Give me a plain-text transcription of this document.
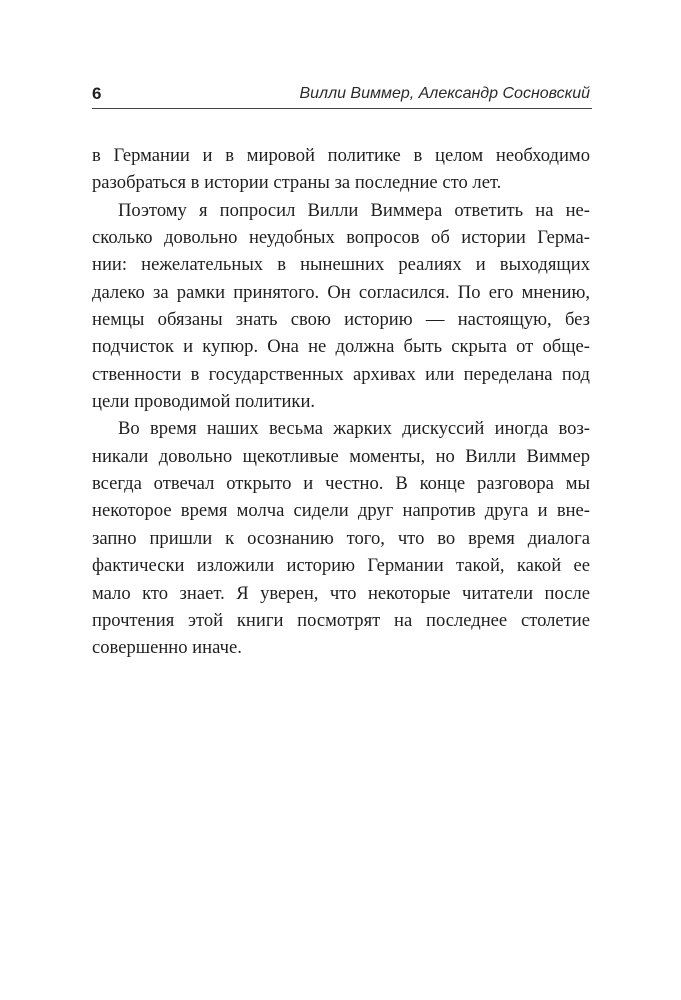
6	Вилли Виммер, Александр Сосновский
в Германии и в мировой политике в целом необходимо
разобраться в истории страны за последние сто лет.
Поэтому я попросил Вилли Виммера ответить на не-
сколько довольно неудобных вопросов об истории Герма-
нии: нежелательных в нынешних реалиях и выходящих
далеко за рамки принятого. Он согласился. По его мнению,
немцы обязаны знать свою историю — настоящую, без
подчисток и купюр. Она не должна быть скрыта от обще-
ственности в государственных архивах или переделана под
цели проводимой политики.
Во время наших весьма жарких дискуссий иногда воз-
никали довольно щекотливые моменты, но Вилли Виммер
всегда отвечал открыто и честно. В конце разговора мы
некоторое время молча сидели друг напротив друга и вне-
запно пришли к осознанию того, что во время диалога
фактически изложили историю Германии такой, какой ее
мало кто знает. Я уверен, что некоторые читатели после
прочтения этой книги посмотрят на последнее столетие
совершенно иначе.
